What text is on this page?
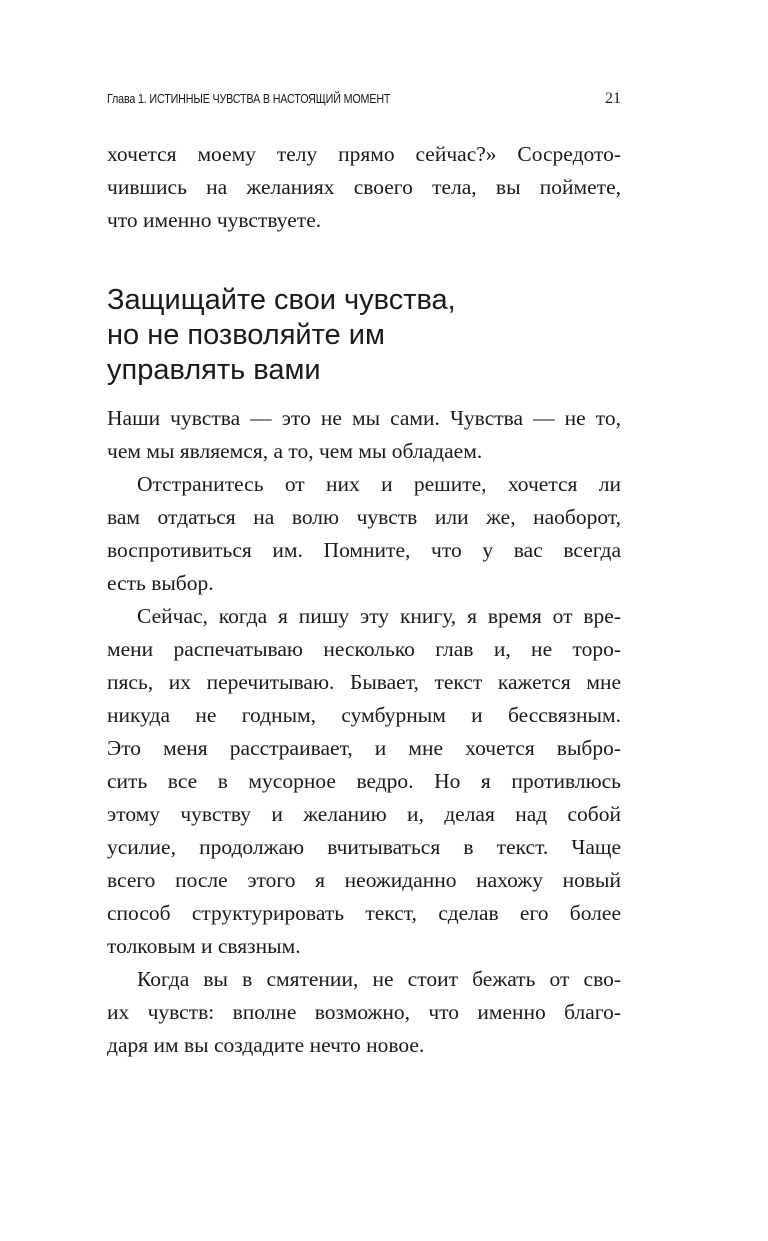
Глава 1. ИСТИННЫЕ ЧУВСТВА В НАСТОЯЩИЙ МОМЕНТ	21
хочется моему телу прямо сейчас?» Сосредото-
чившись на желаниях своего тела, вы поймете,
что именно чувствуете.
Защищайте свои чувства,
но не позволяйте им
управлять вами
Наши чувства — это не мы сами. Чувства — не то,
чем мы являемся, а то, чем мы обладаем.
Отстранитесь от них и решите, хочется ли
вам отдаться на волю чувств или же, наоборот,
воспротивиться им. Помните, что у вас всегда
есть выбор.
Сейчас, когда я пишу эту книгу, я время от вре-
мени распечатываю несколько глав и, не торо-
пясь, их перечитываю. Бывает, текст кажется мне
никуда не годным, сумбурным и бессвязным.
Это меня расстраивает, и мне хочется выбро-
сить все в мусорное ведро. Но я противлюсь
этому чувству и желанию и, делая над собой
усилие, продолжаю вчитываться в текст. Чаще
всего после этого я неожиданно нахожу новый
способ структурировать текст, сделав его более
толковым и связным.
Когда вы в смятении, не стоит бежать от сво-
их чувств: вполне возможно, что именно благо-
даря им вы создадите нечто новое.
